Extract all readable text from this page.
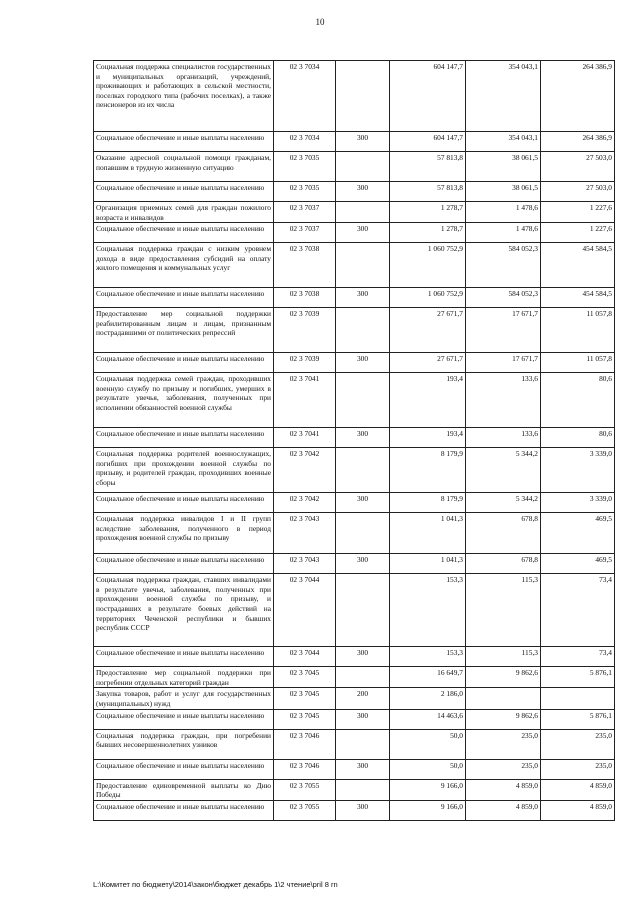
10
Социальная поддержка специалистов государственных и муниципальных организаций, учреждений, проживающих и работающих в сельской местности, поселках городского типа (рабочих поселках), а также пенсионеров из их числа	02 3 7034		604 147,7	354 043,1	264 386,9
Социальное обеспечение и иные выплаты населению	02 3 7034	300	604 147,7	354 043,1	264 386,9
Оказание адресной социальной помощи гражданам, попавшим в трудную жизненную ситуацию	02 3 7035		57 813,8	38 061,5	27 503,0
Социальное обеспечение и иные выплаты населению	02 3 7035	300	57 813,8	38 061,5	27 503,0
Организация приемных семей для граждан пожилого возраста и инвалидов	02 3 7037		1 278,7	1 478,6	1 227,6
Социальное обеспечение и иные выплаты населению	02 3 7037	300	1 278,7	1 478,6	1 227,6
Социальная поддержка граждан с низким уровнем дохода в виде предоставления субсидий на оплату жилого помещения и коммунальных услуг	02 3 7038		1 060 752,9	584 052,3	454 584,5
Социальное обеспечение и иные выплаты населению	02 3 7038	300	1 060 752,9	584 052,3	454 584,5
Предоставление мер социальной поддержки реабилитированным лицам и лицам, признанным пострадавшими от политических репрессий	02 3 7039		27 671,7	17 671,7	11 057,8
Социальное обеспечение и иные выплаты населению	02 3 7039	300	27 671,7	17 671,7	11 057,8
Социальная поддержка семей граждан, проходивших военную службу по призыву и погибших, умерших в результате увечья, заболевания, полученных при исполнении обязанностей военной службы	02 3 7041		193,4	133,6	80,6
Социальное обеспечение и иные выплаты населению	02 3 7041	300	193,4	133,6	80,6
Социальная поддержка родителей военнослужащих, погибших при прохождении военной службы по призыву, и родителей граждан, проходивших военные сборы	02 3 7042		8 179,9	5 344,2	3 339,0
Социальное обеспечение и иные выплаты населению	02 3 7042	300	8 179,9	5 344,2	3 339,0
Социальная поддержка инвалидов I и II групп вследствие заболевания, полученного в период прохождения военной службы по призыву	02 3 7043		1 041,3	678,8	469,5
Социальное обеспечение и иные выплаты населению	02 3 7043	300	1 041,3	678,8	469,5
Социальная поддержка граждан, ставших инвалидами в результате увечья, заболевания, полученных при прохождении военной службы по призыву, и пострадавших в результате боевых действий на территориях Чеченской республики и бывших республик СССР	02 3 7044		153,3	115,3	73,4
Социальное обеспечение и иные выплаты населению	02 3 7044	300	153,3	115,3	73,4
Предоставление мер социальной поддержки при погребении отдельных категорий граждан	02 3 7045		16 649,7	9 862,6	5 876,1
Закупка товаров, работ и услуг для государственных (муниципальных) нужд	02 3 7045	200	2 186,0		
Социальное обеспечение и иные выплаты населению	02 3 7045	300	14 463,6	9 862,6	5 876,1
Социальная поддержка граждан, при погребении бывших несовершеннолетних узников	02 3 7046		50,0	235,0	235,0
Социальное обеспечение и иные выплаты населению	02 3 7046	300	50,0	235,0	235,0
Предоставление единовременной выплаты ко Дню Победы	02 3 7055		9 166,0	4 859,0	4 859,0
Социальное обеспечение и иные выплаты населению	02 3 7055	300	9 166,0	4 859,0	4 859,0
L:\Комитет по бюджету\2014\закон\бюджет декабрь 1\2 чтение\pril 8 rn
